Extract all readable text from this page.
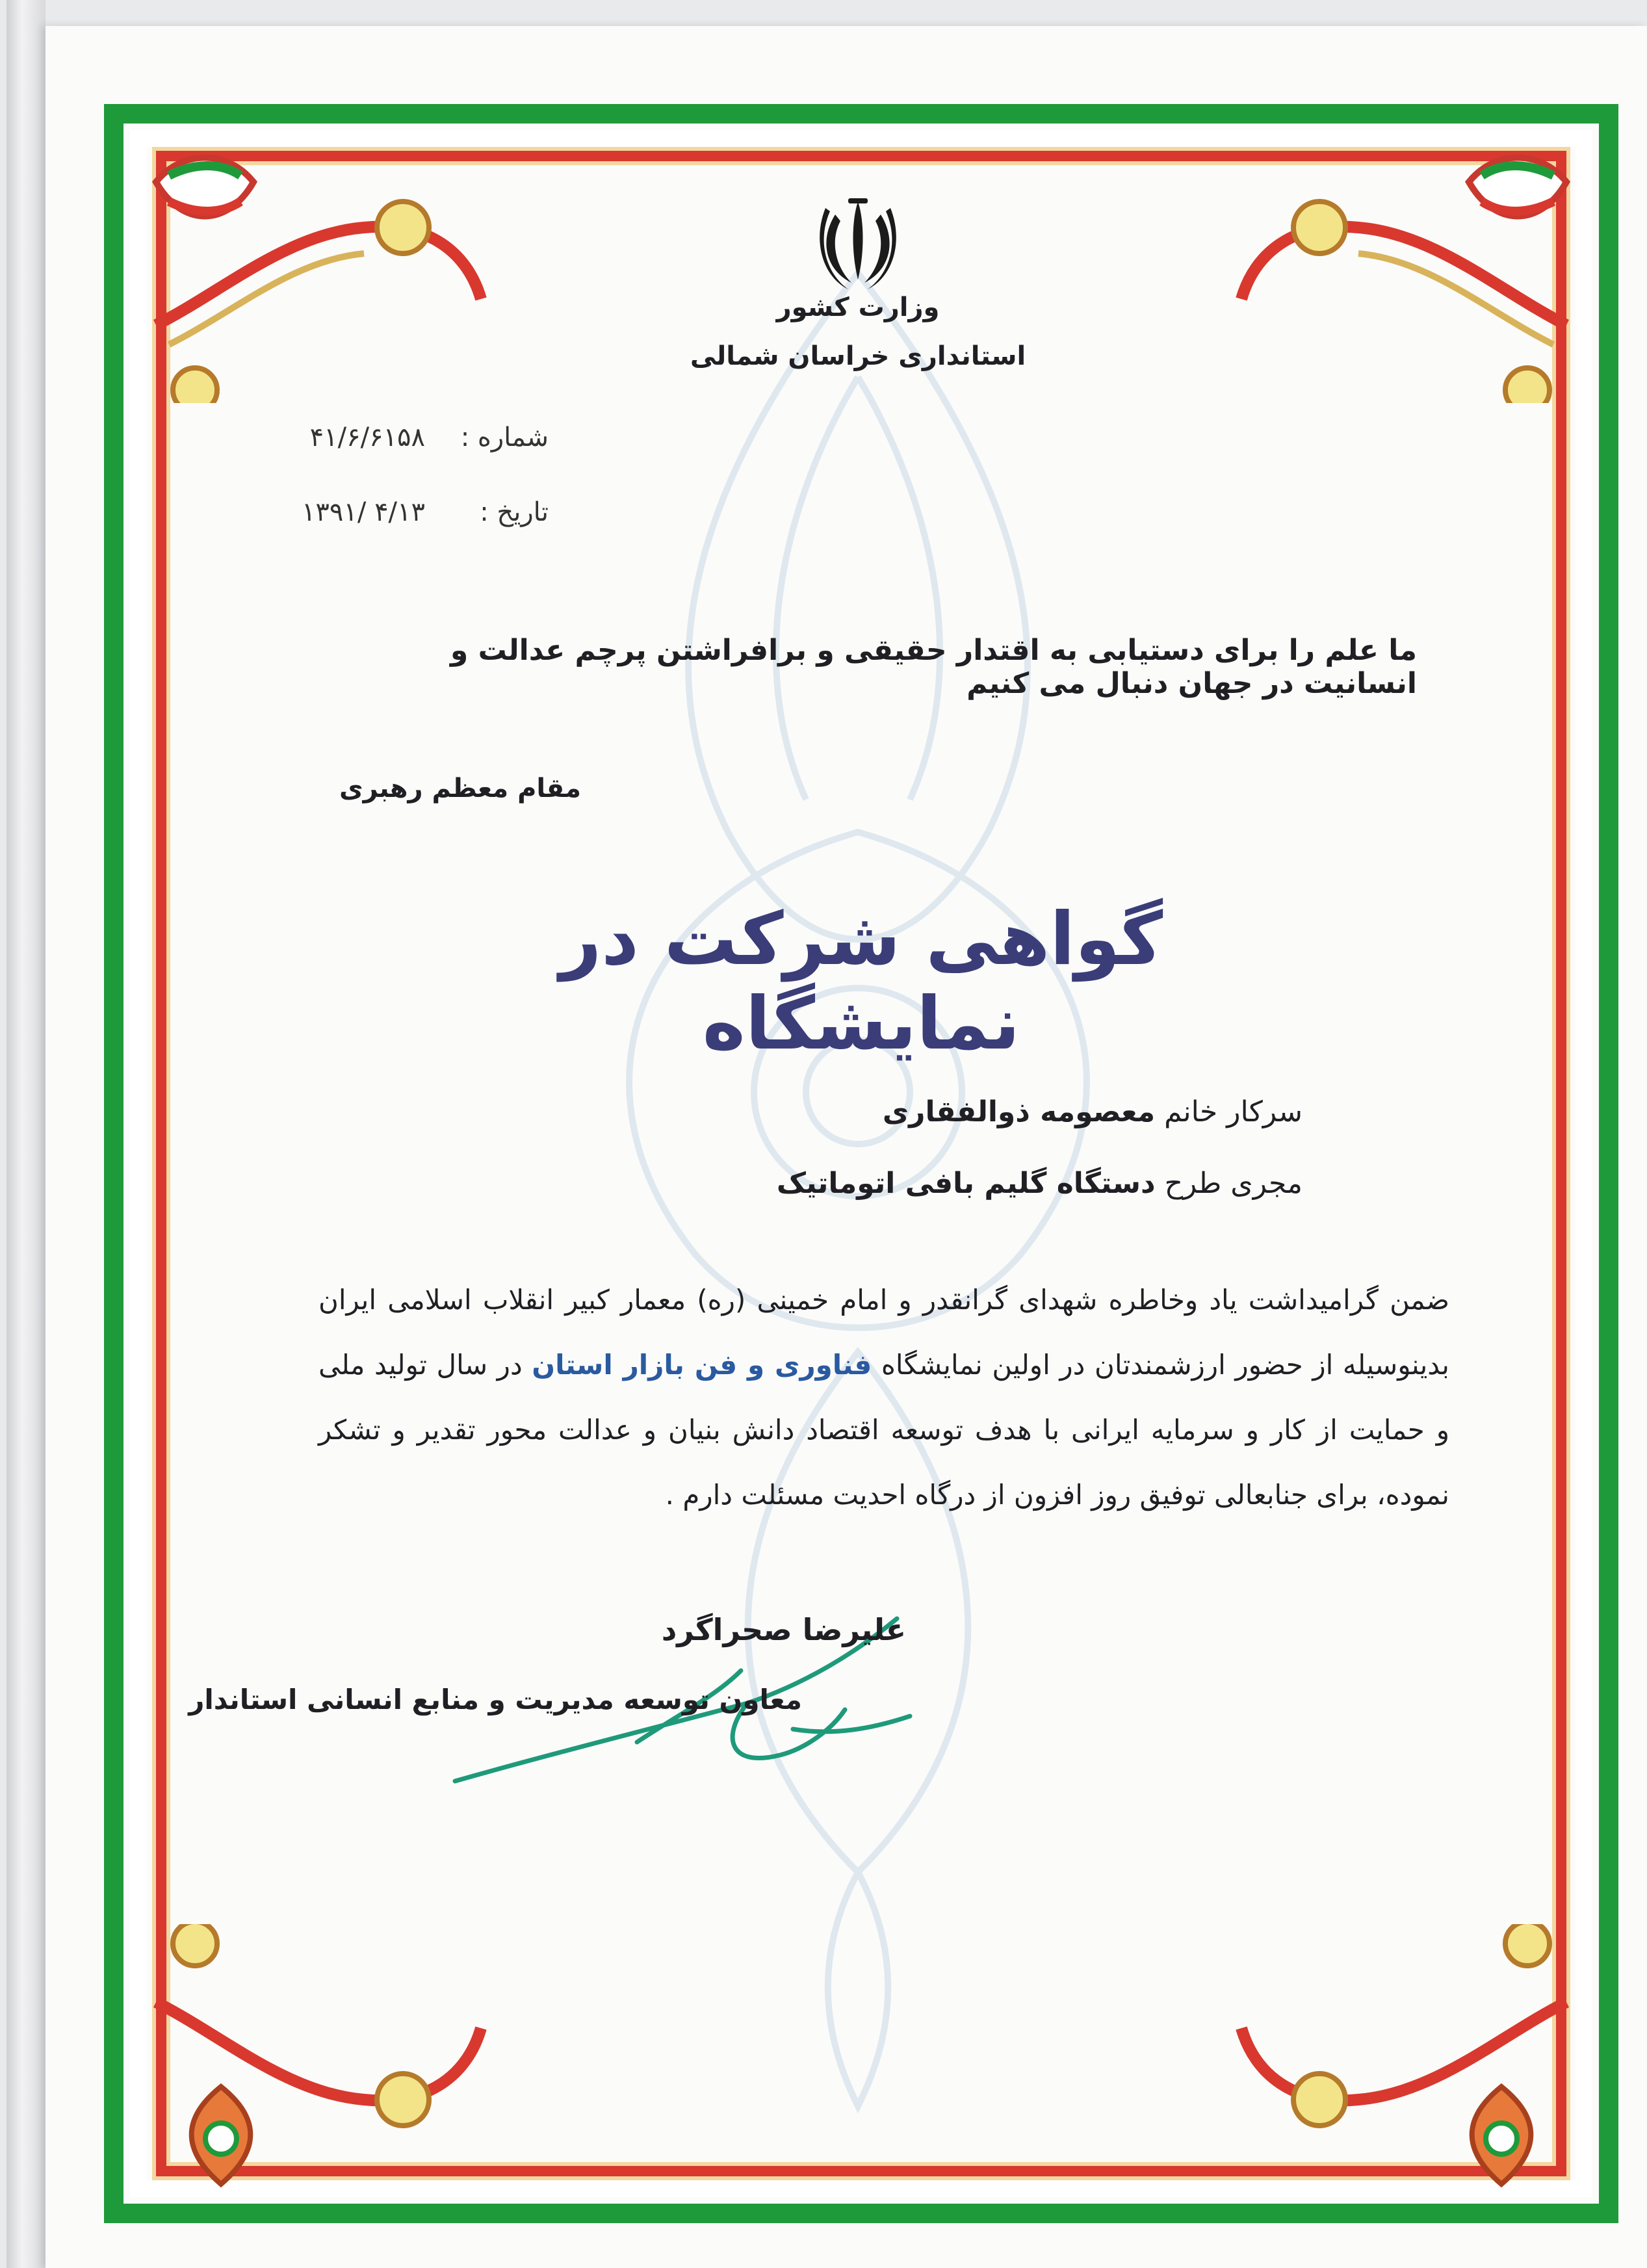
وزارت کشور
استانداری خراسان شمالی
شماره :
۴۱/۶/۶۱۵۸
تاریخ :
۱۳۹۱/ ۴/۱۳
ما علم را برای دستیابی به اقتدار حقیقی و برافراشتن پرچم عدالت و انسانیت در جهان دنبال می کنیم
مقام معظم رهبری
گواهی شرکت در نمایشگاه
سرکار خانم معصومه ذوالفقاری
مجری طرح دستگاه گلیم بافی اتوماتیک
ضمن گرامیداشت یاد وخاطره شهدای گرانقدر و امام خمینی (ره) معمار کبیر انقلاب اسلامی ایران بدینوسیله از حضور ارزشمندتان در اولین نمایشگاه فناوری و فن بازار استان در سال تولید ملی و حمایت از کار و سرمایه ایرانی با هدف توسعه اقتصاد دانش بنیان و عدالت محور تقدیر و تشکر نموده، برای جنابعالی توفیق روز افزون از درگاه احدیت مسئلت دارم .
علیرضا صحراگرد
معاون توسعه مدیریت و منابع انسانی استاندار
